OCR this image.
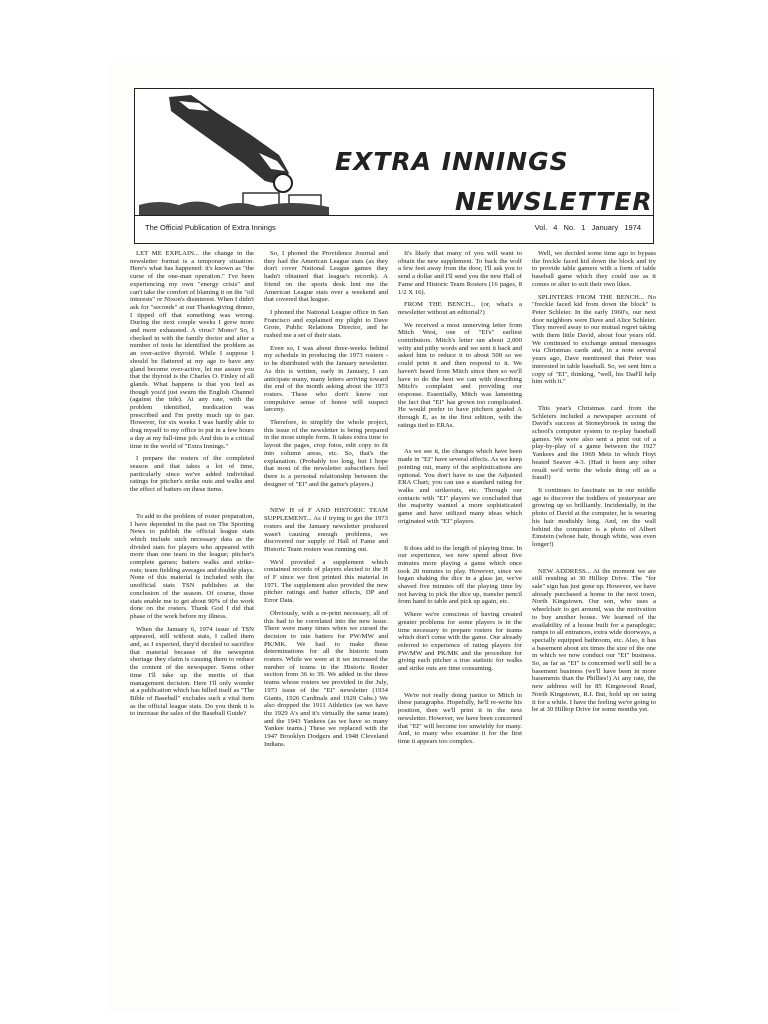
EXTRA INNINGS
NEWSLETTER
The Official Publication of Extra Innings	Vol. 4 No. 1 January 1974

LET ME EXPLAIN... the change in the newsletter format is a temporary situation. Here's what has happened: it's known as "the curse of the one-man operation." I've been experiencing my own "energy crisis" and can't take the comfort of blaming it on the "oil interests" or Nixon's disinterest. When I didn't ask for "seconds" at our Thanksgiving dinner, I tipped off that something was wrong. During the next couple weeks I grew more and more exhausted. A virus? Mono? So, I checked in with the family doctor and after a number of tests he identified the problem as an over-active thyroid. While I suppose I should be flattered at my age to have any gland become over-active, let me assure you that the thyroid is the Charles O. Finley of all glands. What happens is that you feel as though you'd just swum the English Channel (against the tide). At any rate, with the problem identified, medication was prescribed and I'm pretty much up to par. However, for six weeks I was hardly able to drag myself to my office to put in a few hours a day at my full-time job. And this is a critical time in the world of "Extra Innings."

I prepare the rosters of the completed season and that takes a lot of time, particularly since we've added individual ratings for pitcher's strike outs and walks and the effect of batters on these items.

To add to the problem of roster preparation, I have depended in the past on The Sporting News to publish the official league stats which include such necessary data as the divided stats for players who appeared with more than one team in the league; pitcher's complete games; batters walks and strike-outs; team fielding averages and double plays. None of this material is included with the unofficial stats TSN publishes at the conclusion of the season. Of course, those stats enable me to get about 90% of the work done on the rosters. Thank God I did that phase of the work before my illness.

When the January 6, 1974 issue of TSN appeared, still without stats, I called them and, as I expected, they'd decided to sacrifice that material because of the newsprint shortage they claim is causing them to reduce the content of the newspaper. Some other time I'll take up the merits of that management decision. Here I'll only wonder at a publication which has billed itself as "The Bible of Baseball" excludes such a vital item as the official league stats. Do you think it is to increase the sales of the Baseball Guide?

So, I phoned the Providence Journal and they had the American League stats (as they don't cover National League games they hadn't obtained that league's records). A friend on the sports desk lent me the American League stats over a weekend and that covered that league.

I phoned the National League office in San Francisco and explained my plight to Dave Grote, Public Relations Director, and he rushed me a set of their stats.

Even so, I was about three-weeks behind my schedule in producing the 1973 rosters - to be distributed with the January newsletter. As this is written, early in January, I can anticipate many, many letters arriving toward the end of the month asking about the 1973 rosters. These who don't know our compulsive sense of honor will suspect larceny.

Therefore, to simplify the whole project, this issue of the newsletter is being prepared in the most simple form. It takes extra time to layout the pages, crop fotos, edit copy to fit into column areas, etc. So, that's the explanation. (Probably too long, but I hope that most of the newsletter subscribers feel there is a personal relationship between the designer of "EI" and the game's players.)

NEW H of F AND HISTORIC TEAM SUPPLEMENT... As if trying to get the 1973 rosters and the January newsletter produced wasn't causing enough problems, we discovered our supply of Hall of Fame and Historic Team rosters was running out.

We'd provided a supplement which contained records of players elected to the H of F since we first printed this material in 1971. The supplement also provided the new pitcher ratings and batter effects, DP and Error Data.

Obviously, with a re-print necessary, all of this had to be correlated into the new issue. There were many times when we cursed the decision to rate batters for PW/MW and PK/MK. We had to make these determinations for all the historic team rosters. While we were at it we increased the number of teams in the Historic Roster section from 36 to 39. We added in the three teams whose rosters we provided in the July, 1973 issue of the "EI" newsletter (1934 Giants, 1926 Cardinals and 1929 Cubs.) We also dropped the 1911 Athletics (as we have the 1929 A's and it's virtually the same team) and the 1943 Yankees (as we have so many Yankee teams.) These we replaced with the 1947 Brooklyn Dodgers and 1948 Cleveland Indians.

It's likely that many of you will want to obtain the new supplement. To back the wolf a few feet away from the door, I'll ask you to send a dollar and I'll send you the new Hall of Fame and Historic Team Rosters (16 pages, 8 1/2 X 16).

FROM THE BENCH... (or, what's a newsletter without an editorial?)

We received a most unnerving letter from Mitch West, one of "EI's" earliest contributors. Mitch's letter ran about 2,000 witty and pithy words and we sent it back and asked him to reduce it to about 500 so we could print it and then respond to it. We haven't heard from Mitch since then so we'll have to do the best we can with describing Mitch's complaint and providing our response. Essentially, Mitch was lamenting the fact that "EI" has grown too complicated. He would prefer to have pitchers graded A through E, as in the first edition, with the ratings tied to ERAs.

As we see it, the changes which have been made in "EI" have several effects. As we keep pointing out, many of the sophistications are optional. You don't have to use the Adjusted ERA Chart; you can use a standard rating for walks and strikeouts, etc. Through our contacts with "EI" players we concluded that the majority wanted a more sophisticated game and have utilized many ideas which originated with "EI" players.

It does add to the length of playing time. In our experience, we now spend about five minutes more playing a game which once took 20 minutes to play. However, since we began shaking the dice in a glass jar, we've shaved five minutes off the playing time by not having to pick the dice up, transfer pencil from hand to table and pick up again, etc.

Where we're conscious of having created greater problems for some players is in the time necessary to prepare rosters for teams which don't come with the game. Our already referred to experience of rating players for PW/MW and PK/MK and the procedure for giving each pitcher a true statistic for walks and strike outs are time consuming.

We're not really doing justice to Mitch in these paragraphs. Hopefully, he'll re-write his position, then we'll print it in the next newsletter. However, we have been concerned that "EI" will become too unwieldy for many. And, to many who examine it for the first time it appears too complex.

Well, we decided some time ago to bypass the freckle faced kid down the block and try to provide table gamers with a form of table baseball game which they could use as it comes or alter to suit their own likes.

SPLINTERS FROM THE BENCH... No "freckle faced kid from down the block" is Peter Schleier. In the early 1960's, our next door neighbors were Dave and Alice Schleier. They moved away to our mutual regret taking with them little David, about four years old. We continued to exchange annual messages via Christmas cards and, in a note several years ago, Dave mentioned that Peter was interested in table baseball. So, we sent him a copy of "EI", thinking, "well, his Dad'll help him with it."

This year's Christmas card from the Schleiers included a newspaper account of David's success at Stoneybrook in using the school's computer system to re-play baseball games. We were also sent a print out of a play-by-play of a game between the 1927 Yankees and the 1969 Mets in which Hoyt beated Seaver 4-3. (Had it been any other result we'd write the whole thing off as a fraud!)

It continues to fascinate us in our middle age to discover the toddlers of yesteryear are growing up so brilliantly. Incidentally, in the photo of David at the computer, he is wearing his hair modishly long. And, on the wall behind the computer is a photo of Albert Einstein (whose hair, though white, was even longer!)

NEW ADDRESS... At the moment we are still residing at 30 Hilltop Drive. The "for sale" sign has just gone up. However, we have already purchased a home in the next town, North Kingstown. Our son, who uses a wheelchair to get around, was the motivation to buy another house. We learned of the availability of a house built for a paraplegic; ramps to all entrances, extra wide doorways, a specially equipped bathroom, etc. Also, it has a basement about six times the size of the one in which we now conduct our "EI" business. So, as far as "EI" is concerned we'll still be a basement business (we'll have been in more basements than the Phillies!) At any rate, the new address will be 85 Kingswood Road, North Kingstown, R.I. But, hold up on using it for a while. I have the feeling we're going to be at 30 Hilltop Drive for some months yet.
